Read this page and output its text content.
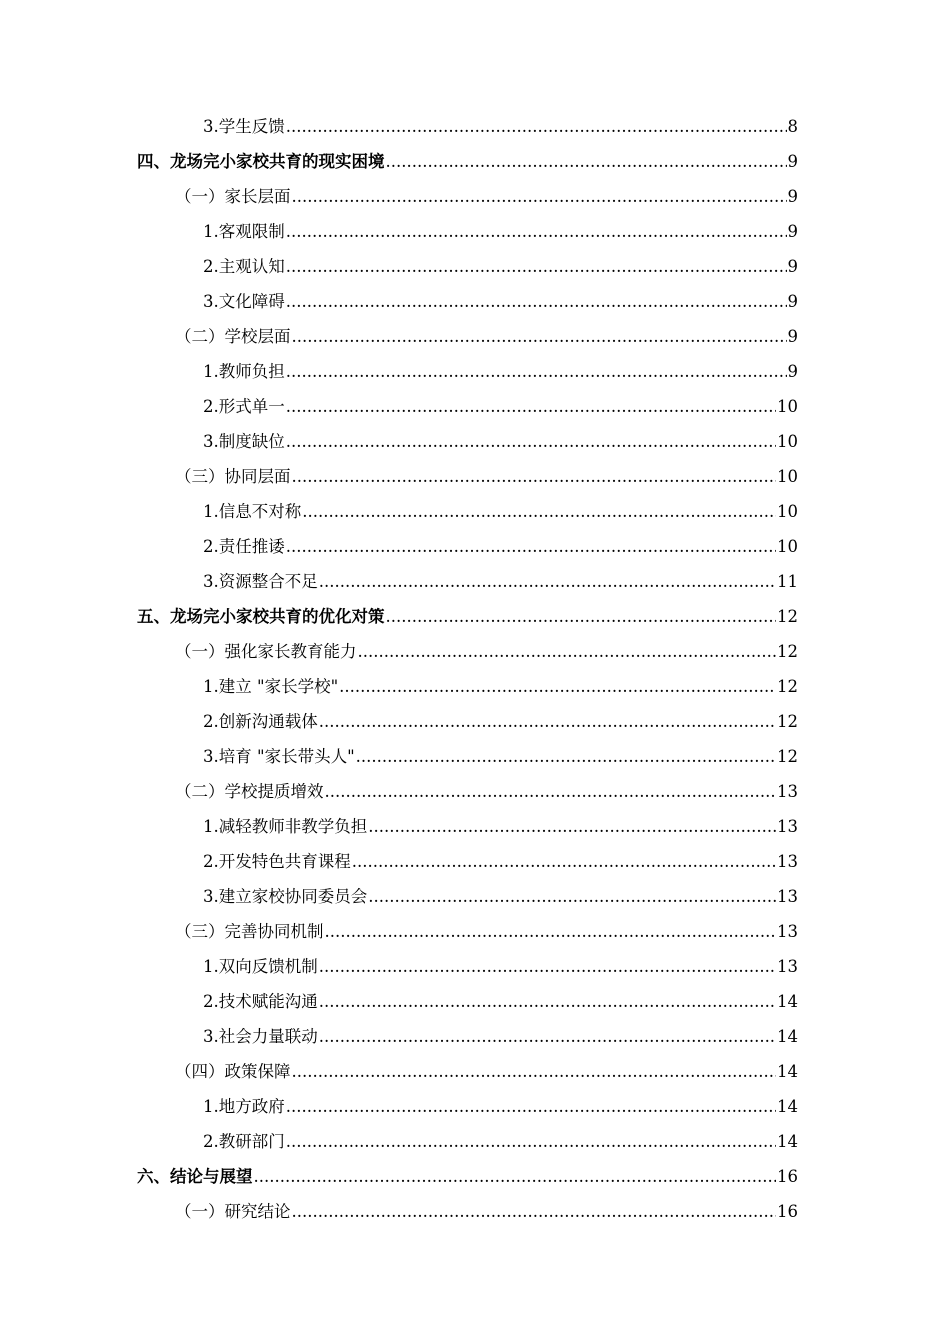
3.学生反馈 .....	8
四、龙场完小家校共育的现实困境 .....	9
（一）家长层面 .....	9
1.客观限制 .....	9
2.主观认知 .....	9
3.文化障碍 .....	9
（二）学校层面 .....	9
1.教师负担 .....	9
2.形式单一 .....	10
3.制度缺位 .....	10
（三）协同层面 .....	10
1.信息不对称 .....	10
2.责任推诿 .....	10
3.资源整合不足 .....	11
五、龙场完小家校共育的优化对策 .....	12
（一）强化家长教育能力 .....	12
1.建立 "家长学校" .....	12
2.创新沟通载体 .....	12
3.培育 "家长带头人" .....	12
（二）学校提质增效 .....	13
1.减轻教师非教学负担 .....	13
2.开发特色共育课程 .....	13
3.建立家校协同委员会 .....	13
（三）完善协同机制 .....	13
1.双向反馈机制 .....	13
2.技术赋能沟通 .....	14
3.社会力量联动 .....	14
（四）政策保障 .....	14
1.地方政府 .....	14
2.教研部门 .....	14
六、结论与展望 .....	16
（一）研究结论 .....	16
